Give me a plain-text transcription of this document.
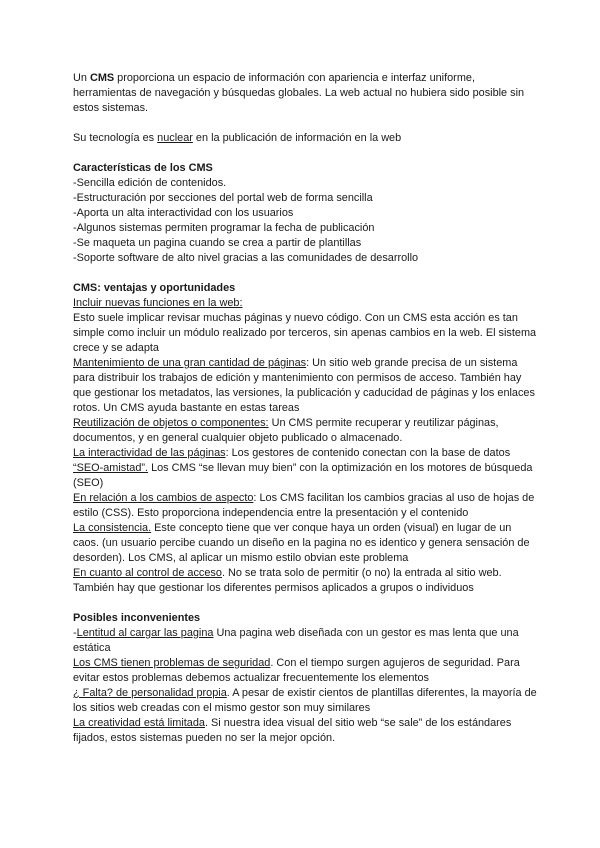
Un CMS proporciona un espacio de información con apariencia e interfaz uniforme, herramientas de navegación y búsquedas globales. La web actual no hubiera sido posible sin estos sistemas.

Su tecnología es nuclear en la publicación de información en la web

Características de los CMS

-Sencilla edición de contenidos.

-Estructuración por secciones del portal web de forma sencilla

-Aporta un alta interactividad con los usuarios

-Algunos sistemas permiten programar la fecha de publicación

-Se maqueta un pagina cuando se crea a partir de plantillas

-Soporte software de alto nivel gracias a las comunidades de desarrollo

CMS: ventajas y oportunidades

Incluir nuevas funciones en la web:
Esto suele implicar revisar muchas páginas y nuevo código. Con un CMS esta acción es tan simple como incluir un módulo realizado por terceros, sin apenas cambios en la web. El sistema crece y se adapta

Mantenimiento de una gran cantidad de páginas: Un sitio web grande precisa de un sistema para distribuir los trabajos de edición y mantenimiento con permisos de acceso. También hay que gestionar los metadatos, las versiones, la publicación y caducidad de páginas y los enlaces rotos. Un CMS ayuda bastante en estas tareas

Reutilización de objetos o componentes: Un CMS permite recuperar y reutilizar páginas, documentos, y en general cualquier objeto publicado o almacenado.

La interactividad de las páginas: Los gestores de contenido conectan con la base de datos

“SEO-amistad”. Los CMS “se llevan muy bien” con la optimización en los motores de búsqueda (SEO)

En relación a los cambios de aspecto: Los CMS facilitan los cambios gracias al uso de hojas de estilo (CSS). Esto proporciona independencia entre la presentación y el contenido

La consistencia. Este concepto tiene que ver conque haya un orden (visual) en lugar de un caos. (un usuario percibe cuando un diseño en la pagina no es identico y genera sensación de desorden). Los CMS, al aplicar un mismo estilo obvian este problema

En cuanto al control de acceso. No se trata solo de permitir (o no) la entrada al sitio web. También hay que gestionar los diferentes permisos aplicados a grupos o individuos

Posibles inconvenientes

-Lentitud al cargar las pagina Una pagina web diseñada con un gestor es mas lenta que una estática

Los CMS tienen problemas de seguridad. Con el tiempo surgen agujeros de seguridad. Para evitar estos problemas debemos actualizar frecuentemente los elementos

¿ Falta? de personalidad propia. A pesar de existir cientos de plantillas diferentes, la mayoría de los sitios web creadas con el mismo gestor son muy similares

La creatividad está limitada. Si nuestra idea visual del sitio web “se sale” de los estándares fijados, estos sistemas pueden no ser la mejor opción.
